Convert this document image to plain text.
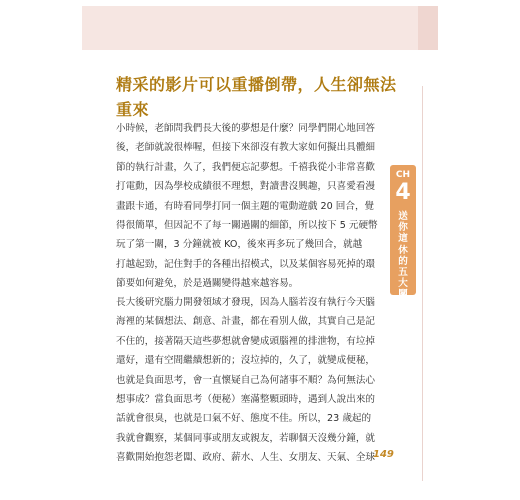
精采的影片可以重播倒帶，人生卻無法
重來
小時候，老師問我們長大後的夢想是什麼？同學們開心地回答
後，老師就說很棒喔，但接下來卻沒有教大家如何擬出具體細
節的執行計畫，久了，我們便忘記夢想。千禧我從小非常喜歡
打電動，因為學校成績很不理想，對讀書沒興趣，只喜愛看漫
畫跟卡通，有時看同學打同一個主題的電動遊戲 20 回合，覺
得很簡單，但因記不了每一關過關的細節，所以按下 5 元硬幣
玩了第一關，3 分鐘就被 KO，後來再多玩了幾回合，就越
打越起勁，記住對手的各種出招模式，以及某個容易死掉的環
節要如何避免，於是過關變得越來越容易。
長大後研究腦力開發領域才發現，因為人腦若沒有執行今天腦
海裡的某個想法、創意、計畫，都在看別人做，其實自己是記
不住的，接著隔天這些夢想就會變成頭腦裡的排泄物，有垃掉
還好，還有空間繼續想新的；沒垃掉的，久了，就變成便秘，
也就是負面思考，會一直懷疑自己為何諸事不順？為何無法心
想事成？當負面思考（便秘）塞滿整顆頭時，遇到人說出來的
話就會很臭，也就是口氣不好、態度不佳。所以，23 歲起的
我就會觀察，某個同事或朋友或親友，若聊個天沒幾分鐘，就
喜歡開始抱怨老闆、政府、薪水、人生、女朋友、天氣、全球
CH
4
送你這休的五大關鍵
149
